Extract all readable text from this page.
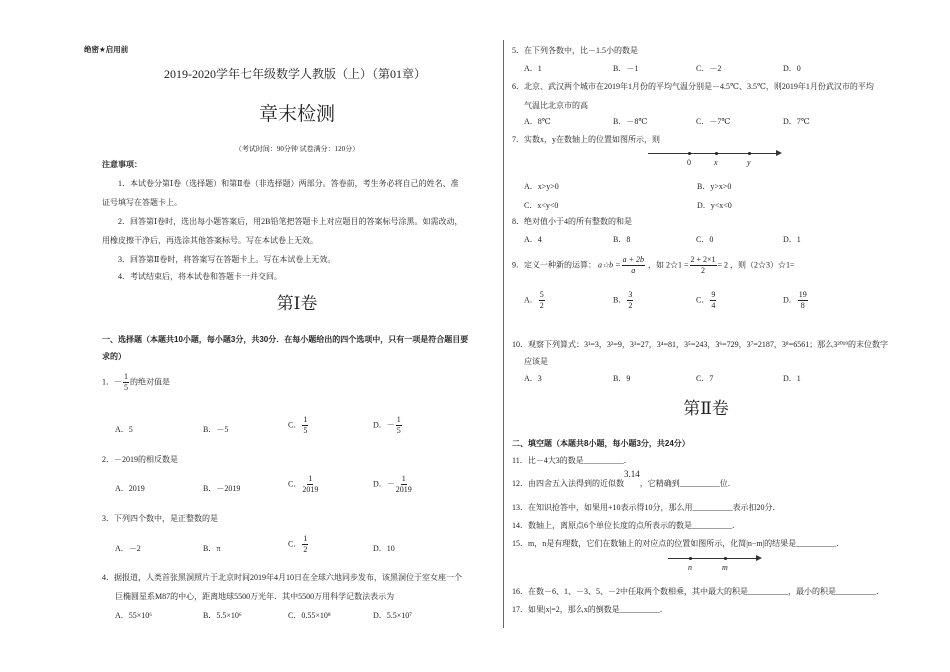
绝密★启用前
2019-2020学年七年级数学人教版（上）（第01章）
章末检测
（考试时间：90分钟 试卷满分：120分）
注意事项：
1．本试卷分第Ⅰ卷（选择题）和第Ⅱ卷（非选择题）两部分。答卷前，考生务必将自己的姓名、准
证号填写在答题卡上。
2．回答第Ⅰ卷时，选出每小题答案后，用2B铅笔把答题卡上对应题目的答案标号涂黑。如需改动，
用橡皮擦干净后，再选涂其他答案标号。写在本试卷上无效。
3．回答第Ⅱ卷时，将答案写在答题卡上。写在本试卷上无效。
4．考试结束后，将本试卷和答题卡一并交回。
第Ⅰ卷
一、选择题（本题共10小题，每小题3分，共30分．在每小题给出的四个选项中，只有一项是符合题目要
求的）
1．－ $\frac{1}{5}$ 的绝对值是
A．5	B．－5
C． $\frac{1}{5}$	D．－ $\frac{1}{5}$
2．－2019的相反数是
A．2019	B．－2019
C． $\frac{1}{2019}$	D．－ $\frac{1}{2019}$
3．下列四个数中，是正整数的是
A．－2	B．π
C． $\frac{1}{2}$	D．10
4．据报道，人类首张黑洞照片于北京时间2019年4月10日在全球六地同步发布，该黑洞位于室女座一个
巨椭圆星系M87的中心，距离地球5500万光年．其中5500万用科学记数法表示为
A．55×10⁶	B．5.5×10⁶	C．0.55×10⁸	D．5.5×10⁷
5．在下列各数中，比－1.5小的数是
A．1	B．－1	C．－2	D．0
6．北京、武汉两个城市在2019年1月份的平均气温分别是－4.5℃、3.5℃，则2019年1月份武汉市的平均
气温比北京市的高
A．8℃	B．－8℃	C．－7℃	D．7℃
7．实数x，y在数轴上的位置如图所示，则
0	x	y
A．x>y>0	B．y>x>0
C．x<y<0	D．y<x<0
8．绝对值小于4的所有整数的和是
A．4	B．8	C．0	D．1
9．定义一种新的运算： a☆b = $\frac{a + 2b}{a}$ ，如 2☆1 = $\frac{2 + 2\times 1}{2} = 2$ ，则（2☆3）☆1=
A． $\frac{5}{2}$	B． $\frac{3}{2}$	C． $\frac{9}{4}$	D． $\frac{19}{8}$
10．观察下列算式：3¹=3，3²=9，3³=27，3⁴=81，3⁵=243，3⁶=729，3⁷=2187，3⁸=6561；那么3²⁰¹⁹的末位数字
应该是
A．3	B．9	C．7	D．1
第Ⅱ卷
二、填空题（本题共8小题，每小题3分，共24分）
11．比－4大3的数是__________．
12．由四舍五入法得到的近似数3.14，它精确到__________位．
13．在知识抢答中，如果用+10表示得10分，那么用__________表示扣20分．
14．数轴上，离原点6个单位长度的点所表示的数是__________．
15．m，n是有理数，它们在数轴上的对应点的位置如图所示，化简|n−m|的结果是__________．
n	m
16．在数－6、1、－3、5、－2中任取两个数相乘，其中最大的积是__________，最小的积是__________．
17．如果|x|=2，那么x的倒数是__________．
